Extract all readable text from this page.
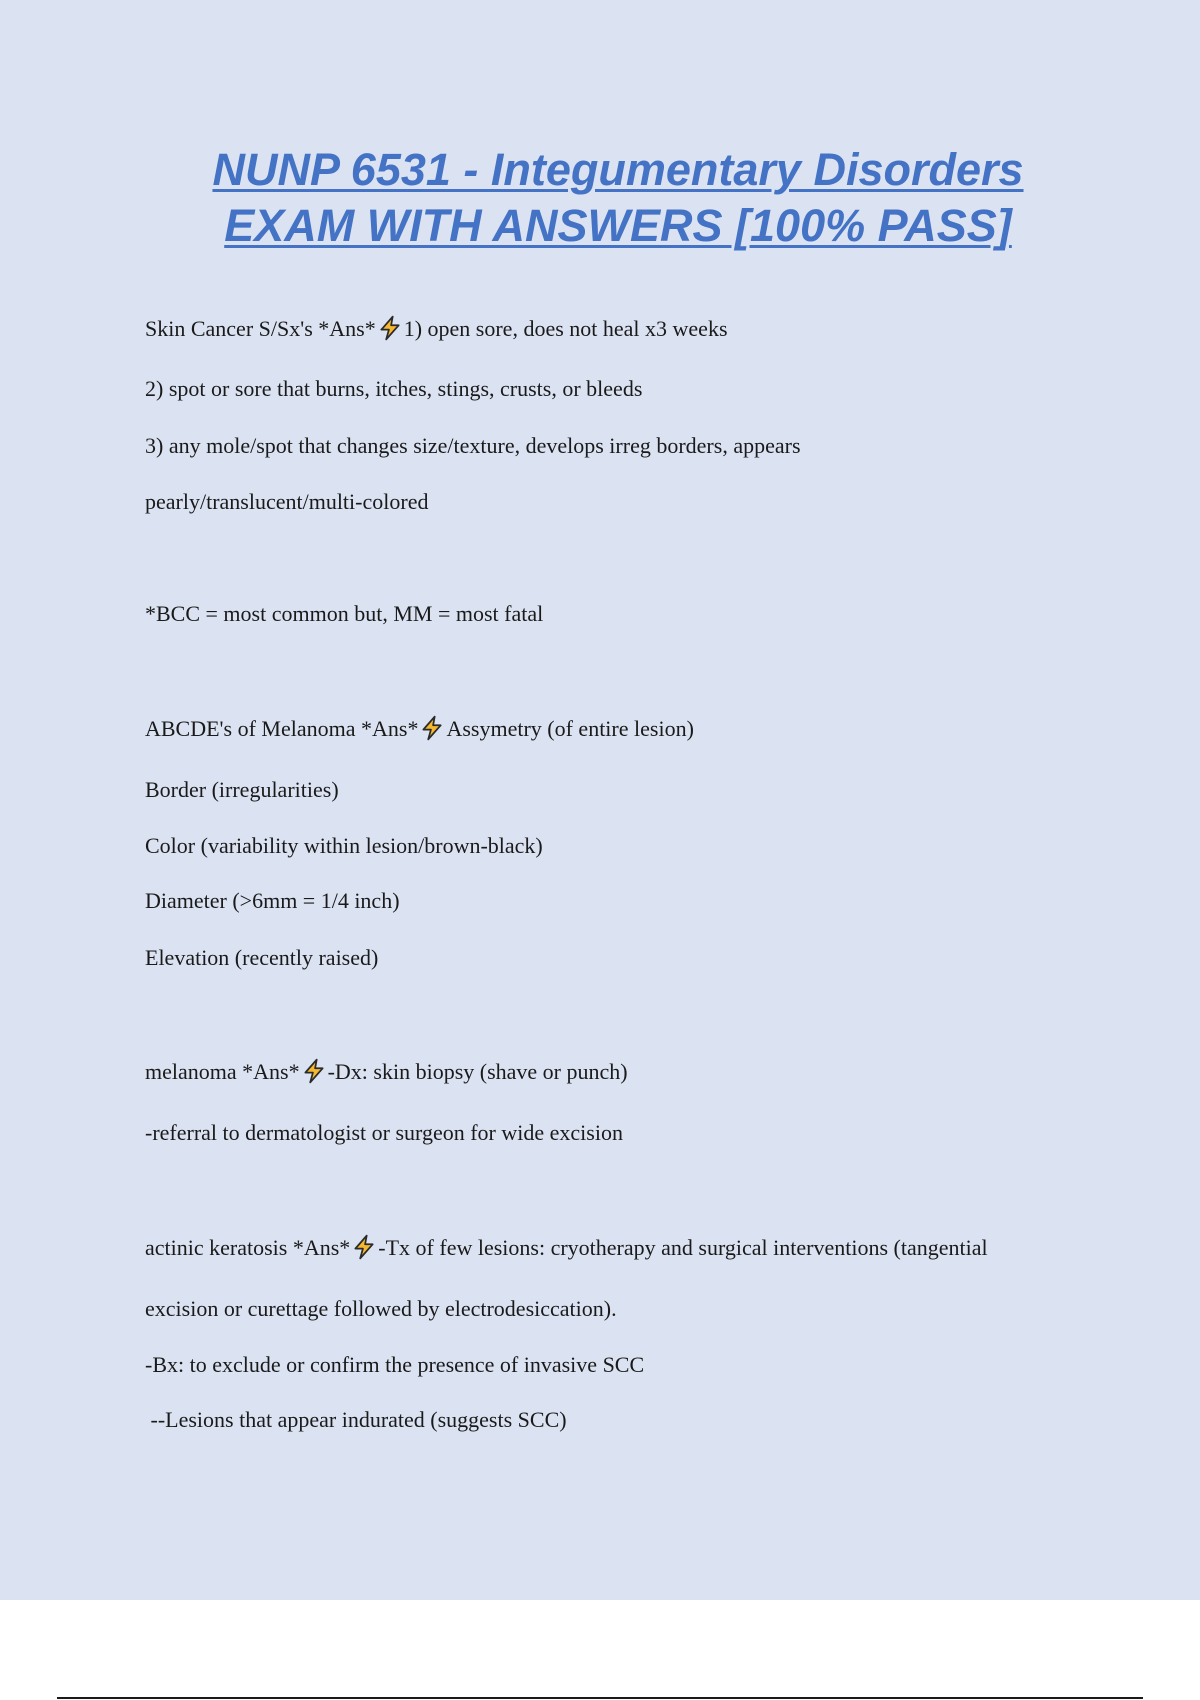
NUNP 6531 - Integumentary Disorders
EXAM WITH ANSWERS [100% PASS]
Skin Cancer S/Sx's *Ans* 1) open sore, does not heal x3 weeks
2) spot or sore that burns, itches, stings, crusts, or bleeds
3) any mole/spot that changes size/texture, develops irreg borders, appears
pearly/translucent/multi-colored
*BCC = most common but, MM = most fatal
ABCDE's of Melanoma *Ans* Assymetry (of entire lesion)
Border (irregularities)
Color (variability within lesion/brown-black)
Diameter (>6mm = 1/4 inch)
Elevation (recently raised)
melanoma *Ans* -Dx: skin biopsy (shave or punch)
-referral to dermatologist or surgeon for wide excision
actinic keratosis *Ans* -Tx of few lesions: cryotherapy and surgical interventions (tangential
excision or curettage followed by electrodesiccation).
-Bx: to exclude or confirm the presence of invasive SCC
--Lesions that appear indurated (suggests SCC)
